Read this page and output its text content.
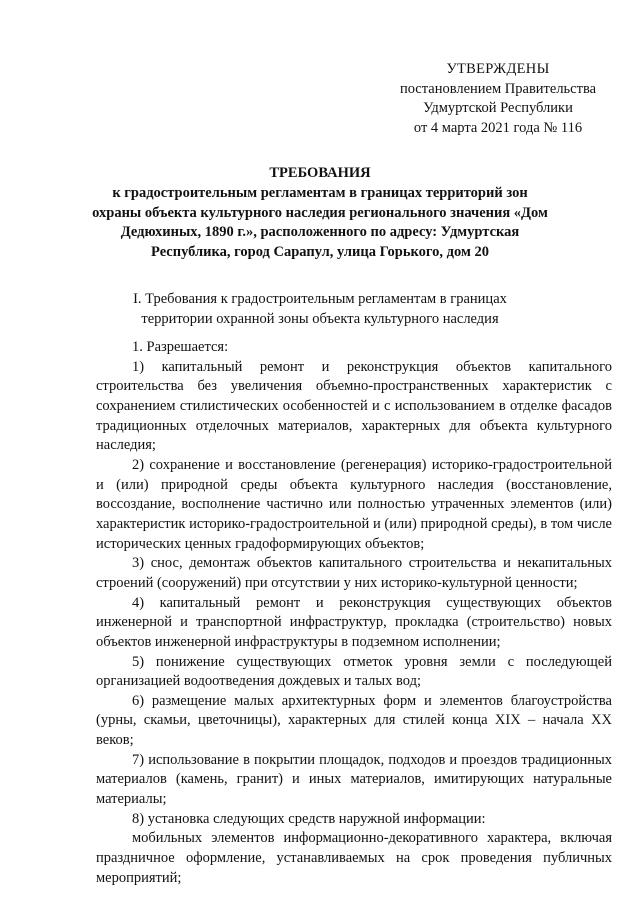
УТВЕРЖДЕНЫ
постановлением Правительства
Удмуртской Республики
от 4 марта 2021 года № 116
ТРЕБОВАНИЯ
к градостроительным регламентам в границах территорий зон охраны объекта культурного наследия регионального значения «Дом Дедюхиных, 1890 г.», расположенного по адресу: Удмуртская Республика, город Сарапул, улица Горького, дом 20
I. Требования к градостроительным регламентам в границах территории охранной зоны объекта культурного наследия

1. Разрешается:

1) капитальный ремонт и реконструкция объектов капитального строительства без увеличения объемно-пространственных характеристик с сохранением стилистических особенностей и с использованием в отделке фасадов традиционных отделочных материалов, характерных для объекта культурного наследия;

2) сохранение и восстановление (регенерация) историко-градостроительной и (или) природной среды объекта культурного наследия (восстановление, воссоздание, восполнение частично или полностью утраченных элементов (или) характеристик историко-градостроительной и (или) природной среды), в том числе исторических ценных градоформирующих объектов;

3) снос, демонтаж объектов капитального строительства и некапитальных строений (сооружений) при отсутствии у них историко-культурной ценности;

4) капитальный ремонт и реконструкция существующих объектов инженерной и транспортной инфраструктур, прокладка (строительство) новых объектов инженерной инфраструктуры в подземном исполнении;

5) понижение существующих отметок уровня земли с последующей организацией водоотведения дождевых и талых вод;

6) размещение малых архитектурных форм и элементов благоустройства (урны, скамьи, цветочницы), характерных для стилей конца XIX – начала XX веков;

7) использование в покрытии площадок, подходов и проездов традиционных материалов (камень, гранит) и иных материалов, имитирующих натуральные материалы;

8) установка следующих средств наружной информации:

мобильных элементов информационно-декоративного характера, включая праздничное оформление, устанавливаемых на срок проведения публичных мероприятий;
